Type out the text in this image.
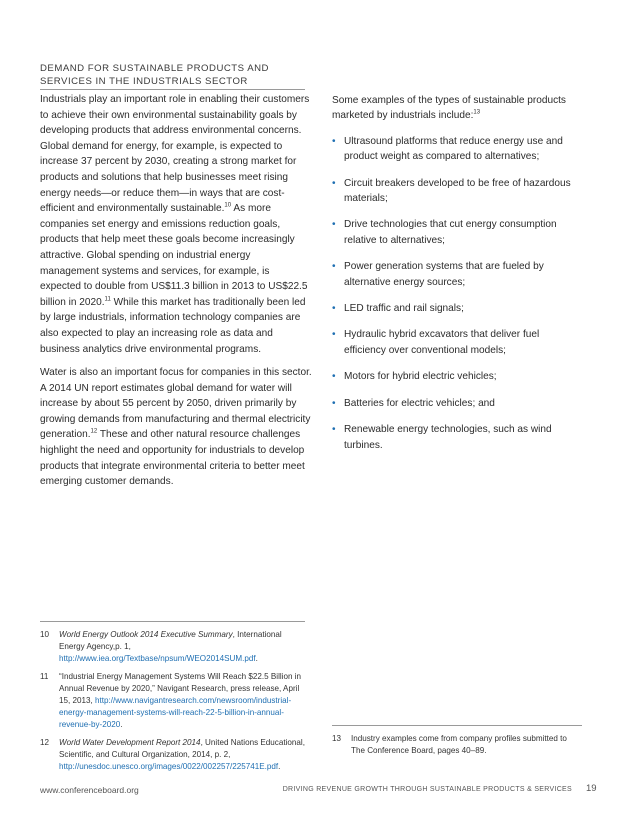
DEMAND FOR SUSTAINABLE PRODUCTS AND
SERVICES IN THE INDUSTRIALS SECTOR

Industrials play an important role in enabling their customers to achieve their own environmental sustainability goals by developing products that address environmental concerns. Global demand for energy, for example, is expected to increase 37 percent by 2030, creating a strong market for products and solutions that help businesses meet rising energy needs—or reduce them—in ways that are cost-efficient and environmentally sustainable.$^{10}$ As more companies set energy and emissions reduction goals, products that help meet these goals become increasingly attractive. Global spending on industrial energy management systems and services, for example, is expected to double from US$11.3 billion in 2013 to US$22.5 billion in 2020.11 While this market has traditionally been led by large industrials, information technology companies are also expected to play an increasing role as data and business analytics drive environmental programs.

Water is also an important focus for companies in this sector. A 2014 UN report estimates global demand for water will increase by about 55 percent by 2050, driven primarily by growing demands from manufacturing and thermal electricity generation.$^{12}$ These and other natural resource challenges highlight the need and opportunity for industrials to develop products that integrate environmental criteria to better meet emerging customer demands.

Some examples of the types of sustainable products marketed by industrials include:$^{13}$

• Ultrasound platforms that reduce energy use and product weight as compared to alternatives;
• Circuit breakers developed to be free of hazardous materials;
• Drive technologies that cut energy consumption relative to alternatives;
• Power generation systems that are fueled by alternative energy sources;
• LED traffic and rail signals;
• Hydraulic hybrid excavators that deliver fuel efficiency over conventional models;
• Motors for hybrid electric vehicles;
• Batteries for electric vehicles; and
• Renewable energy technologies, such as wind turbines.
10 World Energy Outlook 2014 Executive Summary, International Energy Agency,p. 1, http://www.iea.org/Textbase/npsum/WEO2014SUM.pdf.
11 “Industrial Energy Management Systems Will Reach $22.5 Billion in Annual Revenue by 2020,” Navigant Research, press release, April 15, 2013, http://www.navigantresearch.com/newsroom/industrial-energy-management-systems-will-reach-22-5-billion-in-annual-revenue-by-2020.
12 World Water Development Report 2014, United Nations Educational, Scientific, and Cultural Organization, 2014, p. 2, http://unesdoc.unesco.org/images/0022/002257/225741E.pdf.
13 Industry examples come from company profiles submitted to The Conference Board, pages 40–89.
www.conferenceboard.org	DRIVING REVENUE GROWTH THROUGH SUSTAINABLE PRODUCTS & SERVICES 19
